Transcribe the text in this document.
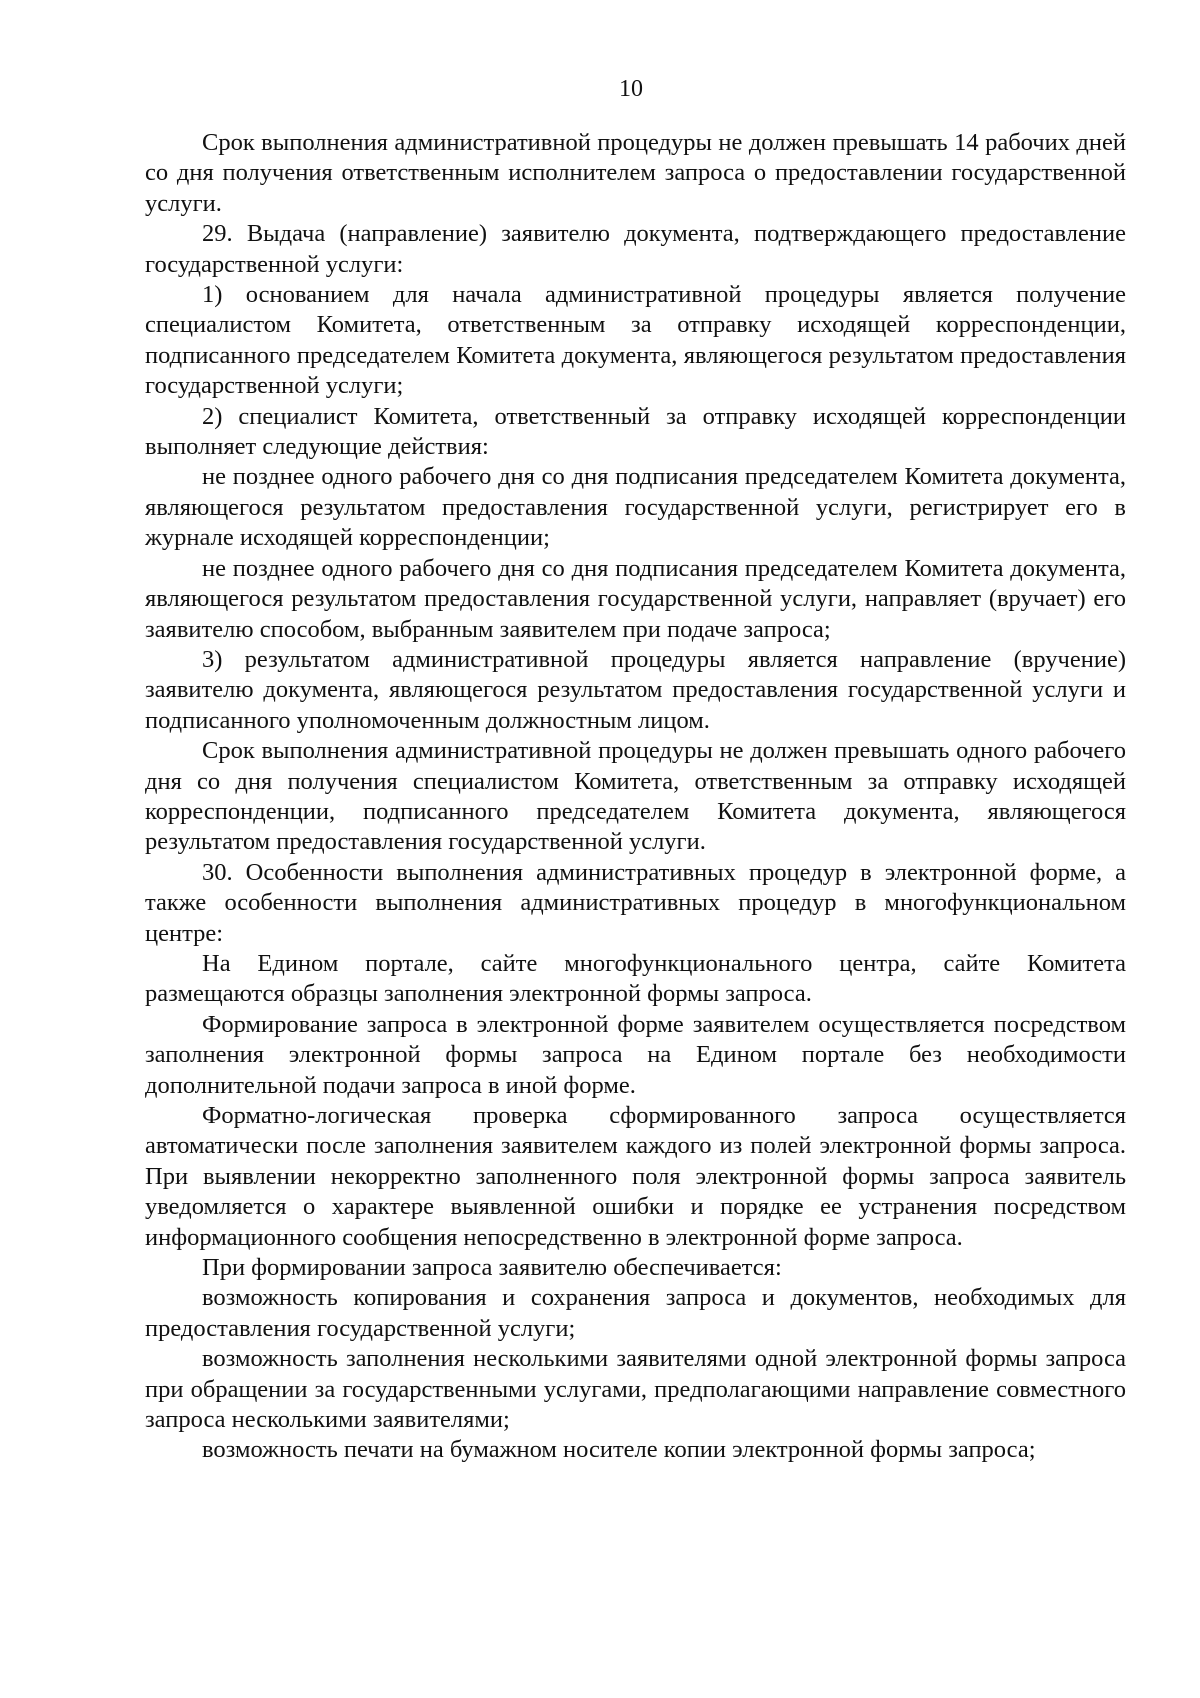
10

Срок выполнения административной процедуры не должен превышать 14 рабочих дней со дня получения ответственным исполнителем запроса о предоставлении государственной услуги.

29. Выдача (направление) заявителю документа, подтверждающего предоставление государственной услуги:

1) основанием для начала административной процедуры является получение специалистом Комитета, ответственным за отправку исходящей корреспонденции, подписанного председателем Комитета документа, являющегося результатом предоставления государственной услуги;

2) специалист Комитета, ответственный за отправку исходящей корреспонденции выполняет следующие действия:

не позднее одного рабочего дня со дня подписания председателем Комитета документа, являющегося результатом предоставления государственной услуги, регистрирует его в журнале исходящей корреспонденции;

не позднее одного рабочего дня со дня подписания председателем Комитета документа, являющегося результатом предоставления государственной услуги, направляет (вручает) его заявителю способом, выбранным заявителем при подаче запроса;

3) результатом административной процедуры является направление (вручение) заявителю документа, являющегося результатом предоставления государственной услуги и подписанного уполномоченным должностным лицом.

Срок выполнения административной процедуры не должен превышать одного рабочего дня со дня получения специалистом Комитета, ответственным за отправку исходящей корреспонденции, подписанного председателем Комитета документа, являющегося результатом предоставления государственной услуги.

30. Особенности выполнения административных процедур в электронной форме, а также особенности выполнения административных процедур в многофункциональном центре:

На Едином портале, сайте многофункционального центра, сайте Комитета размещаются образцы заполнения электронной формы запроса.

Формирование запроса в электронной форме заявителем осуществляется посредством заполнения электронной формы запроса на Едином портале без необходимости дополнительной подачи запроса в иной форме.

Форматно-логическая проверка сформированного запроса осуществляется автоматически после заполнения заявителем каждого из полей электронной формы запроса. При выявлении некорректно заполненного поля электронной формы запроса заявитель уведомляется о характере выявленной ошибки и порядке ее устранения посредством информационного сообщения непосредственно в электронной форме запроса.

При формировании запроса заявителю обеспечивается:

возможность копирования и сохранения запроса и документов, необходимых для предоставления государственной услуги;

возможность заполнения несколькими заявителями одной электронной формы запроса при обращении за государственными услугами, предполагающими направление совместного запроса несколькими заявителями;

возможность печати на бумажном носителе копии электронной формы запроса;
